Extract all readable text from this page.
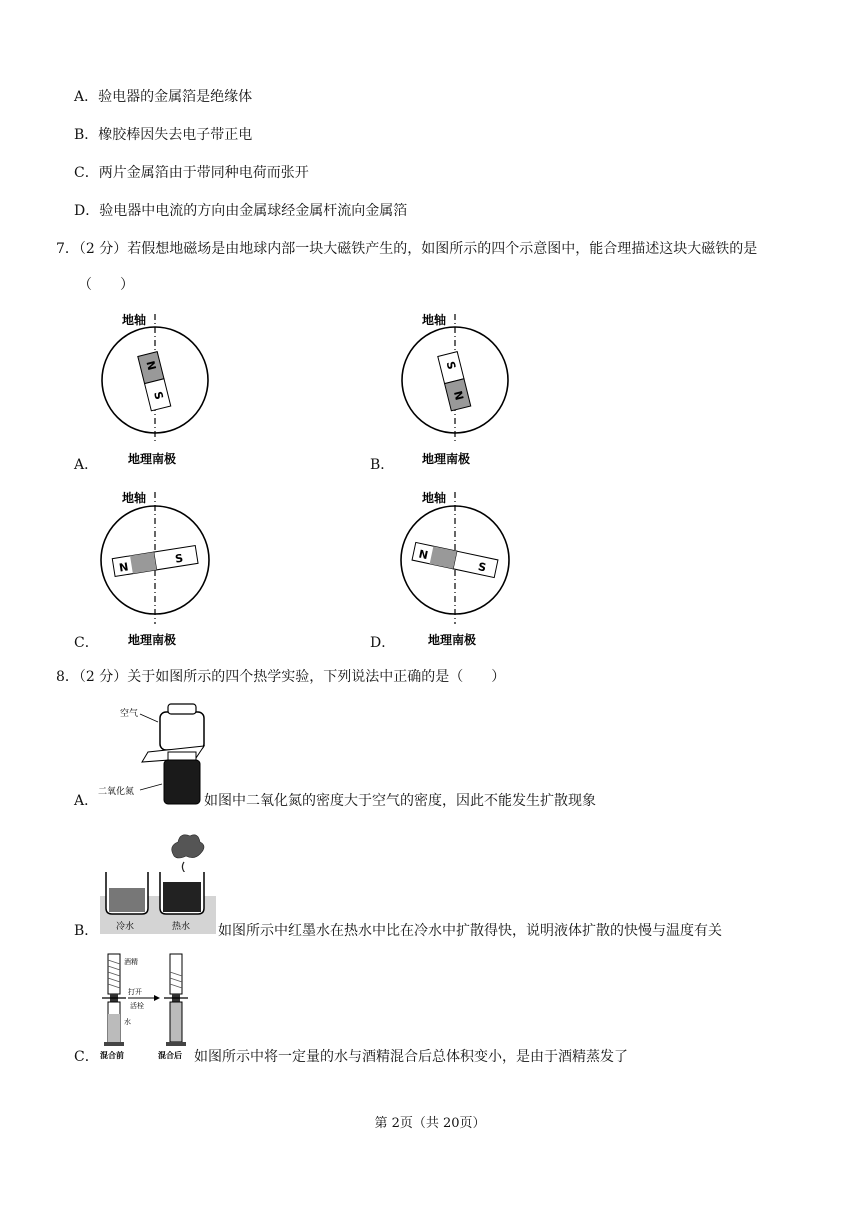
A．验电器的金属箔是绝缘体
B．橡胶棒因失去电子带正电
C．两片金属箔由于带同种电荷而张开
D．验电器中电流的方向由金属球经金属杆流向金属箔
7．（2 分）若假想地磁场是由地球内部一块大磁铁产生的，如图所示的四个示意图中，能合理描述这块大磁铁的是
（　　）
地轴
N
S
地理南极
A．
地轴
S
N
地理南极
B．
地轴
N
S
地理南极
C．
地轴
N
S
地理南极
D．
8．（2 分）关于如图所示的四个热学实验，下列说法中正确的是（　　）
空气
二氧化氮
A．	如图中二氧化氮的密度大于空气的密度，因此不能发生扩散现象
冷水	热水
B．	如图所示中红墨水在热水中比在冷水中扩散得快，说明液体扩散的快慢与温度有关
酒精
打开
活栓
水
混合前	混合后
C．	如图所示中将一定量的水与酒精混合后总体积变小，是由于酒精蒸发了
第 2页（共 20页）
